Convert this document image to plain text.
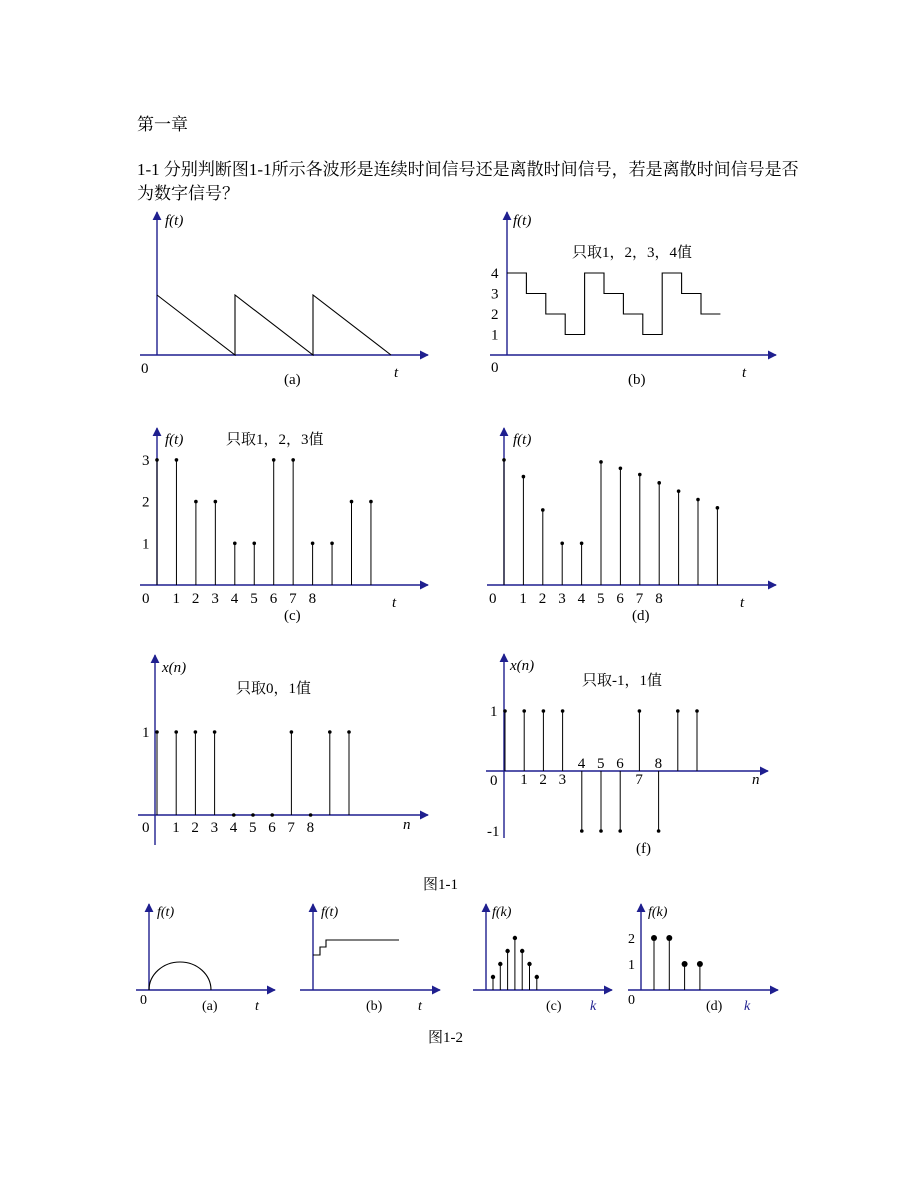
第一章
1-1 分别判断图1-1所示各波形是连续时间信号还是离散时间信号，若是离散时间信号是否为数字信号？
f(t)
0	t
(a)
f(t)
只取1，2，3，4值
4
3
2
1
0	t
(b)
f(t)	只取1，2，3值
3
2
1
0 1 2 3 4 5 6 7 8	t
(c)
f(t)
0 1 2 3 4 5 6 7 8	t
(d)
x(n)
只取0，1值
1
0 1 2 3 4 5 6 7 8	n
x(n)
只取-1，1值
1
-1
0 1 2 3
4 5 6
7
8
n
(f)
图1-1
f(t)
0	(a)	t
f(t)
(b)	t
f(k)
(c) k
f(k)
0
2
1
(d) k
图1-2
